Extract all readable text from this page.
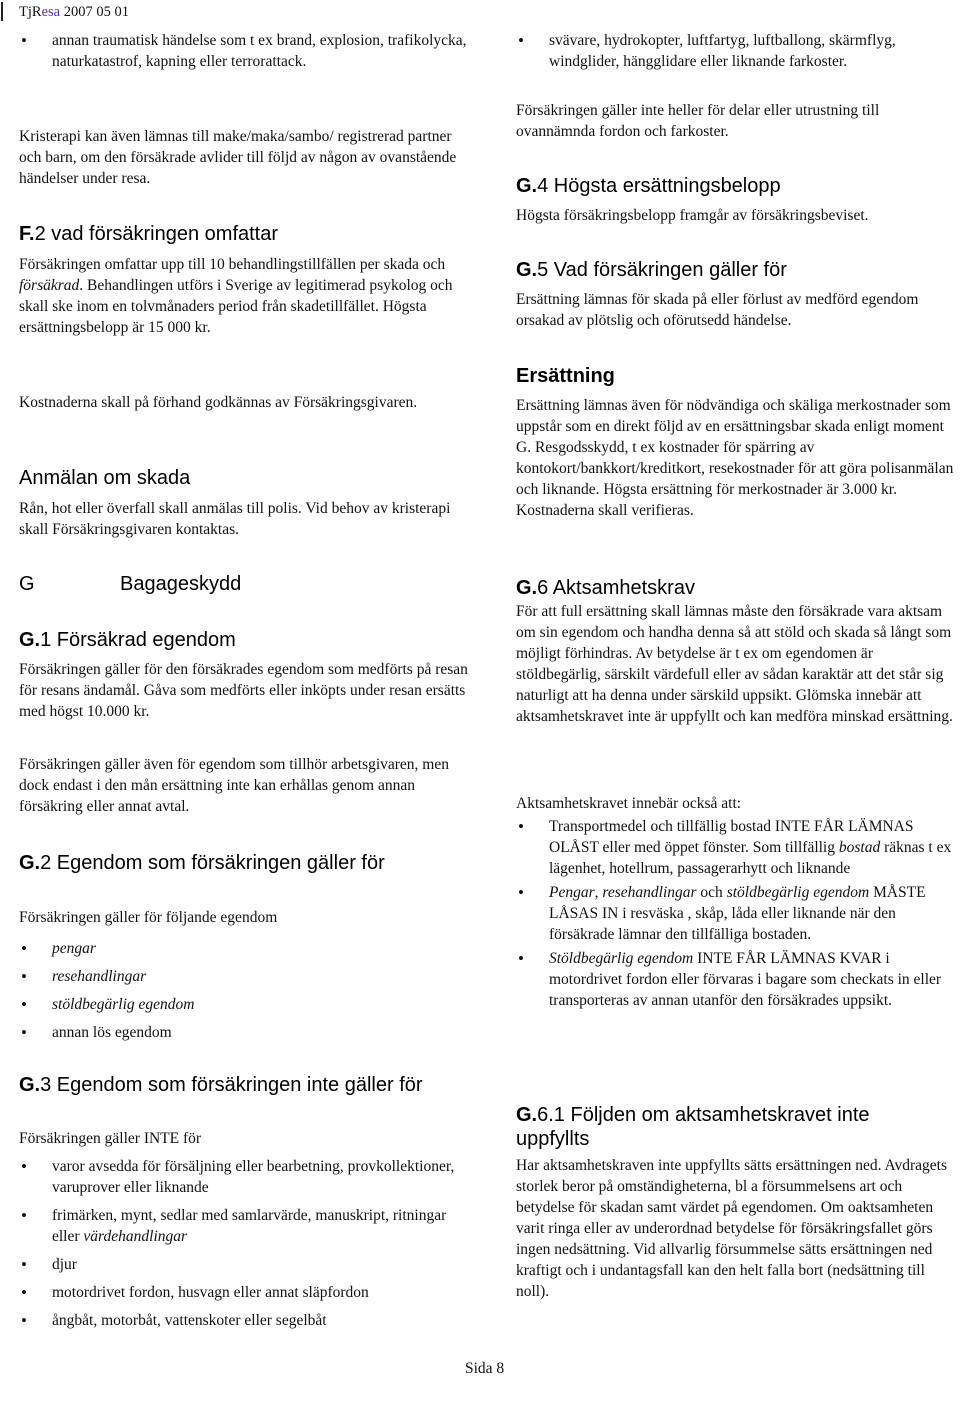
TjResa 2007 05 01
• annan traumatisk händelse som t ex brand, explosion, trafikolycka, naturkatastrof, kapning eller terrorattack.

Kristerapi kan även lämnas till make/maka/sambo/ registrerad partner och barn, om den försäkrade avlider till följd av någon av ovanstående händelser under resa.

F.2 vad försäkringen omfattar

Försäkringen omfattar upp till 10 behandlingstillfällen per skada och försäkrad. Behandlingen utförs i Sverige av legitimerad psykolog och skall ske inom en tolvmånaders period från skadetillfället. Högsta ersättningsbelopp är 15 000 kr.

Kostnaderna skall på förhand godkännas av Försäkringsgivaren.

Anmälan om skada

Rån, hot eller överfall skall anmälas till polis. Vid behov av kristerapi skall Försäkringsgivaren kontaktas.

G	Bagageskydd
G.1 Försäkrad egendom

Försäkringen gäller för den försäkrades egendom som medförts på resan för resans ändamål. Gåva som medförts eller inköpts under resan ersätts med högst 10.000 kr.

Försäkringen gäller även för egendom som tillhör arbetsgivaren, men dock endast i den mån ersättning inte kan erhållas genom annan försäkring eller annat avtal.

G.2 Egendom som försäkringen gäller för

Försäkringen gäller för följande egendom

• pengar
• resehandlingar
• stöldbegärlig egendom
• annan lös egendom
G.3 Egendom som försäkringen inte gäller för

Försäkringen gäller INTE för

• varor avsedda för försäljning eller bearbetning, provkollektioner, varuprover eller liknande
• frimärken, mynt, sedlar med samlarvärde, manuskript, ritningar eller värdehandlingar
• djur
• motordrivet fordon, husvagn eller annat släpfordon
• ångbåt, motorbåt, vattenskoter eller segelbåt
• svävare, hydrokopter, luftfartyg, luftballong, skärmflyg, windglider, hängglidare eller liknande farkoster.

Försäkringen gäller inte heller för delar eller utrustning till ovannämnda fordon och farkoster.

G.4 Högsta ersättningsbelopp

Högsta försäkringsbelopp framgår av försäkringsbeviset.

G.5 Vad försäkringen gäller för

Ersättning lämnas för skada på eller förlust av medförd egendom orsakad av plötslig och oförutsedd händelse.

Ersättning

Ersättning lämnas även för nödvändiga och skäliga merkostnader som uppstår som en direkt följd av en ersättningsbar skada enligt moment G. Resgodsskydd, t ex kostnader för spärring av kontokort/bankkort/kreditkort, resekostnader för att göra polisanmälan och liknande. Högsta ersättning för merkostnader är 3.000 kr. Kostnaderna skall verifieras.

G.6 Aktsamhetskrav

För att full ersättning skall lämnas måste den försäkrade vara aktsam om sin egendom och handha denna så att stöld och skada så långt som möjligt förhindras. Av betydelse är t ex om egendomen är stöldbegärlig, särskilt värdefull eller av sådan karaktär att det står sig naturligt att ha denna under särskild uppsikt. Glömska innebär att aktsamhetskravet inte är uppfyllt och kan medföra minskad ersättning.

Aktsamhetskravet innebär också att:

• Transportmedel och tillfällig bostad INTE FÅR LÄMNAS OLÅST eller med öppet fönster. Som tillfällig bostad räknas t ex lägenhet, hotellrum, passagerarhytt och liknande
• Pengar, resehandlingar och stöldbegärlig egendom MÅSTE LÅSAS IN i resväska , skåp, låda eller liknande när den försäkrade lämnar den tillfälliga bostaden.
• Stöldbegärlig egendom INTE FÅR LÄMNAS KVAR i motordrivet fordon eller förvaras i bagare som checkats in eller transporteras av annan utanför den försäkrades uppsikt.
G.6.1 Följden om aktsamhetskravet inte uppfyllts

Har aktsamhetskraven inte uppfyllts sätts ersättningen ned. Avdragets storlek beror på omständigheterna, bl a försummelsens art och betydelse för skadan samt värdet på egendomen. Om oaktsamheten varit ringa eller av underordnad betydelse för försäkringsfallet görs ingen nedsättning. Vid allvarlig försummelse sätts ersättningen ned kraftigt och i undantagsfall kan den helt falla bort (nedsättning till noll).

Sida 8
